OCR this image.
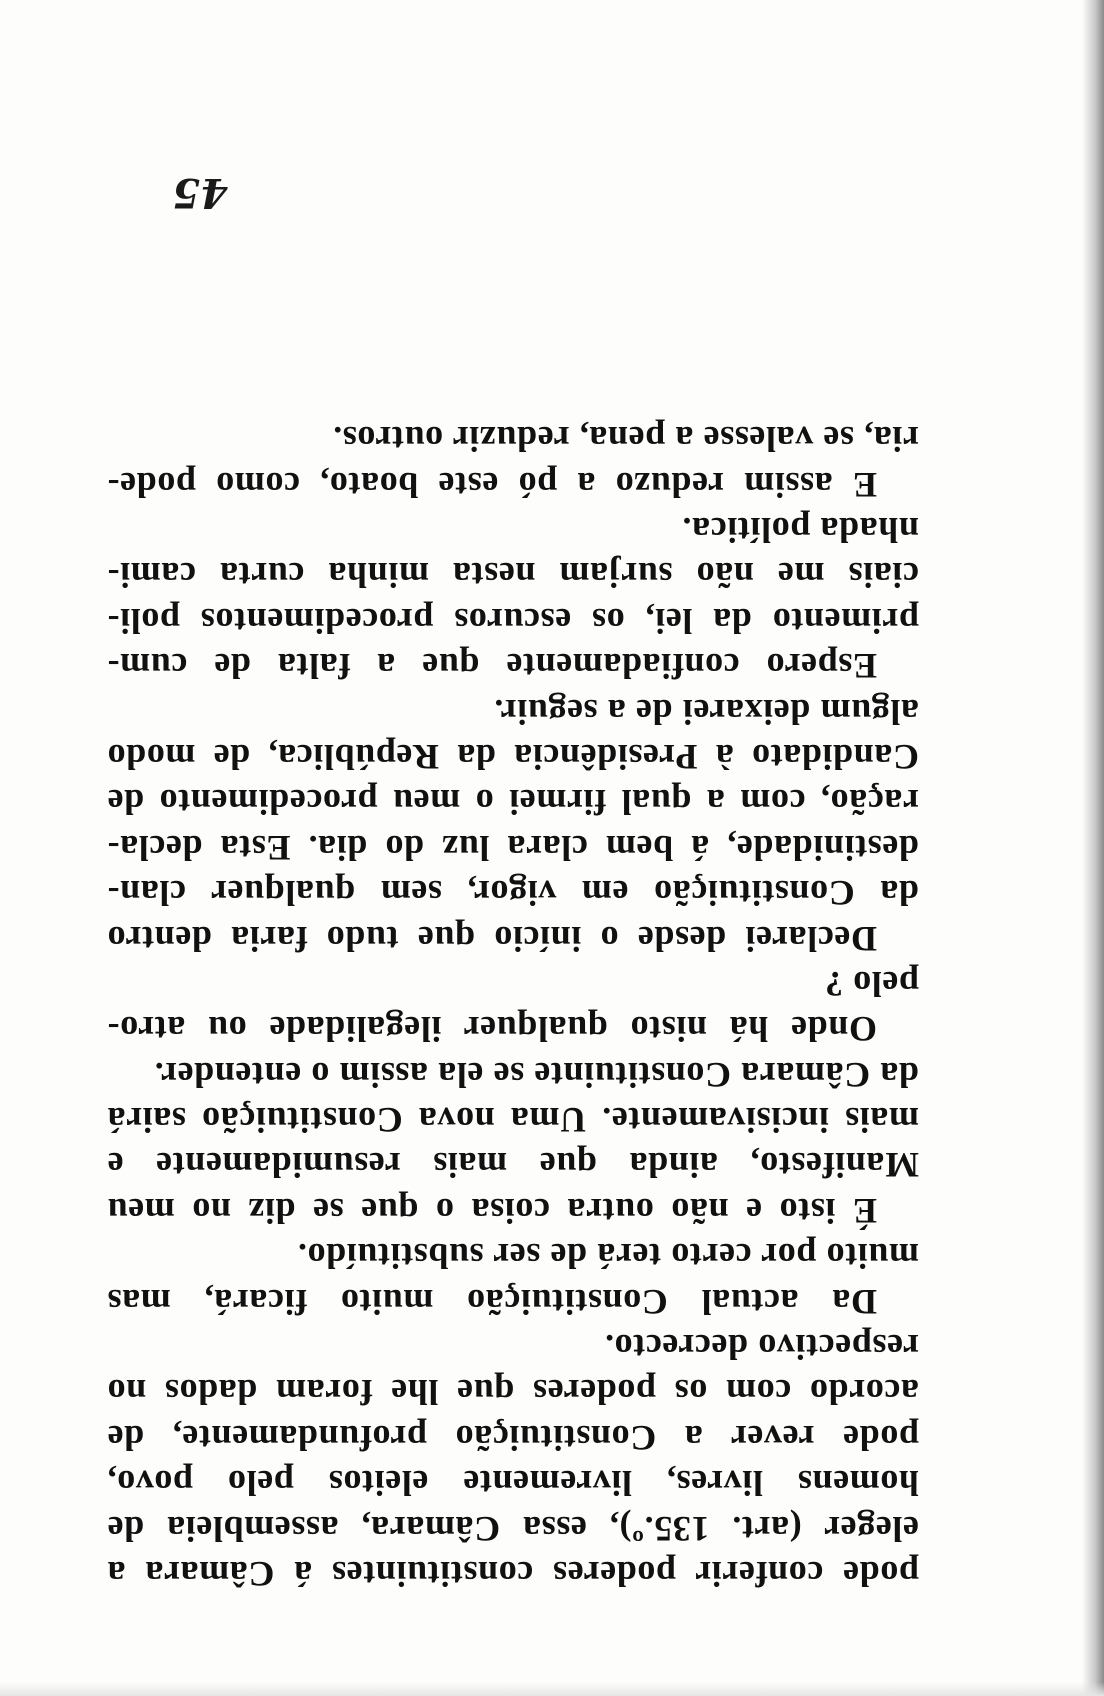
pode conferir poderes constituintes á Câmara a
eleger (art. 135.º), essa Câmara, assembleia de
homens livres, livremente eleitos pelo povo,
pode rever a Constituição profundamente, de
acordo com os poderes que lhe foram dados no
respectivo decrecto.
Da actual Constituição muito ficará, mas
muito por certo terá de ser substituído.
É isto e não outra coisa o que se diz no meu
Manifesto, ainda que mais resumidamente e
mais incisivamente. Uma nova Constituição sairá
da Câmara Constituinte se ela assim o entender.
Onde há nisto qualquer ilegalidade ou atro-
pelo ?
Declarei desde o início que tudo faria dentro
da Constituição em vigor, sem qualquer clan-
destinidade, á bem clara luz do dia. Esta decla-
ração, com a qual firmei o meu procedimento de
Candidato à Presidência da República, de modo
algum deixarei de a seguir.
Espero confiadamente que a falta de cum-
primento da lei, os escuros procedimentos poli-
ciais me não surjam nesta minha curta cami-
nhada política.
E assim reduzo a pó este boato, como pode-
ria, se valesse a pena, reduzir outros.
45
